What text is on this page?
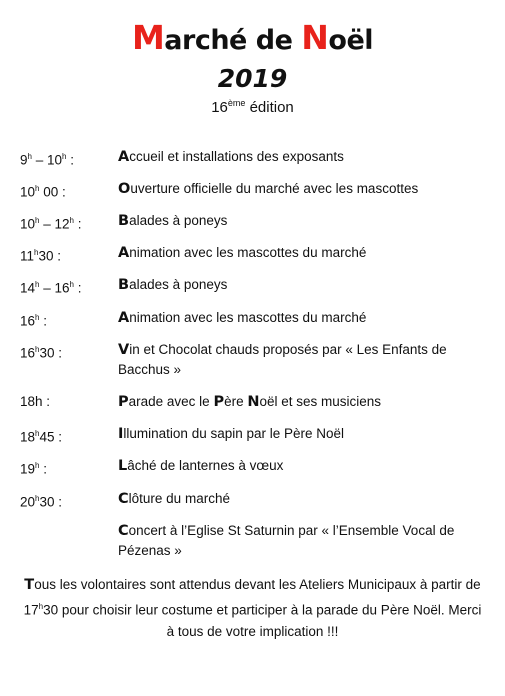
Marché de Noël
2019
16ème édition
9$^h$ – 10$^h$ :	Accueil et installations des exposants
10$^h$ 00 :	Ouverture officielle du marché avec les mascottes
10$^h$ – 12$^h$ :	Balades à poneys
11$^h$30 :	Animation avec les mascottes du marché
14$^h$ – 16$^h$ :	Balades à poneys
16$^h$ :	Animation avec les mascottes du marché
16$^h$30 :	Vin et Chocolat chauds proposés par « Les Enfants de Bacchus »
18h :	Parade avec le Père Noël et ses musiciens
18$^h$45 :	Illumination du sapin par le Père Noël
19$^h$ :	Lâché de lanternes à vœux
20$^h$30 :	Clôture du marché
Concert à l’Eglise St Saturnin par « l’Ensemble Vocal de Pézenas »
Tous les volontaires sont attendus devant les Ateliers Municipaux à partir de 17$^h$30 pour choisir leur costume et participer à la parade du Père Noël. Merci à tous de votre implication !!!
